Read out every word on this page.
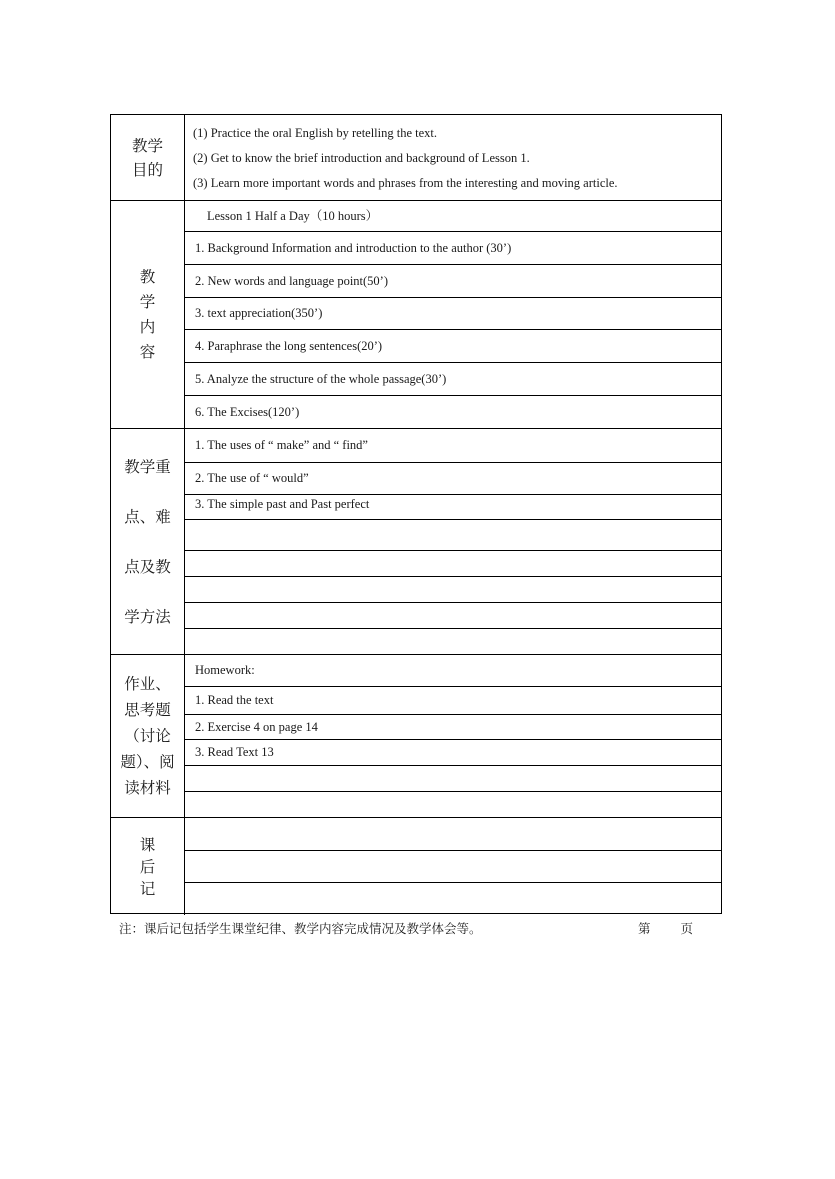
教学
目的
(1) Practice the oral English by retelling the text.
(2) Get to know the brief introduction and background of Lesson 1.
(3) Learn more important words and phrases from the interesting and moving article.
教
学
内
容
Lesson 1 Half a Day（10 hours）
1. Background Information and introduction to the author (30’)
2. New words and language point(50’)
3. text appreciation(350’)
4. Paraphrase the long sentences(20’)
5. Analyze the structure of the whole passage(30’)
6. The Excises(120’)
教学重
点、难
点及教
学方法
1. The uses of “ make” and “ find”
2. The use of “ would”
3. The simple past and Past perfect
作业、
思考题
（讨论
题）、阅
读材料
Homework:
1. Read the text
2. Exercise 4 on page 14
3. Read Text 13
课
后
记
注：课后记包括学生课堂纪律、教学内容完成情况及教学体会等。	第 页
